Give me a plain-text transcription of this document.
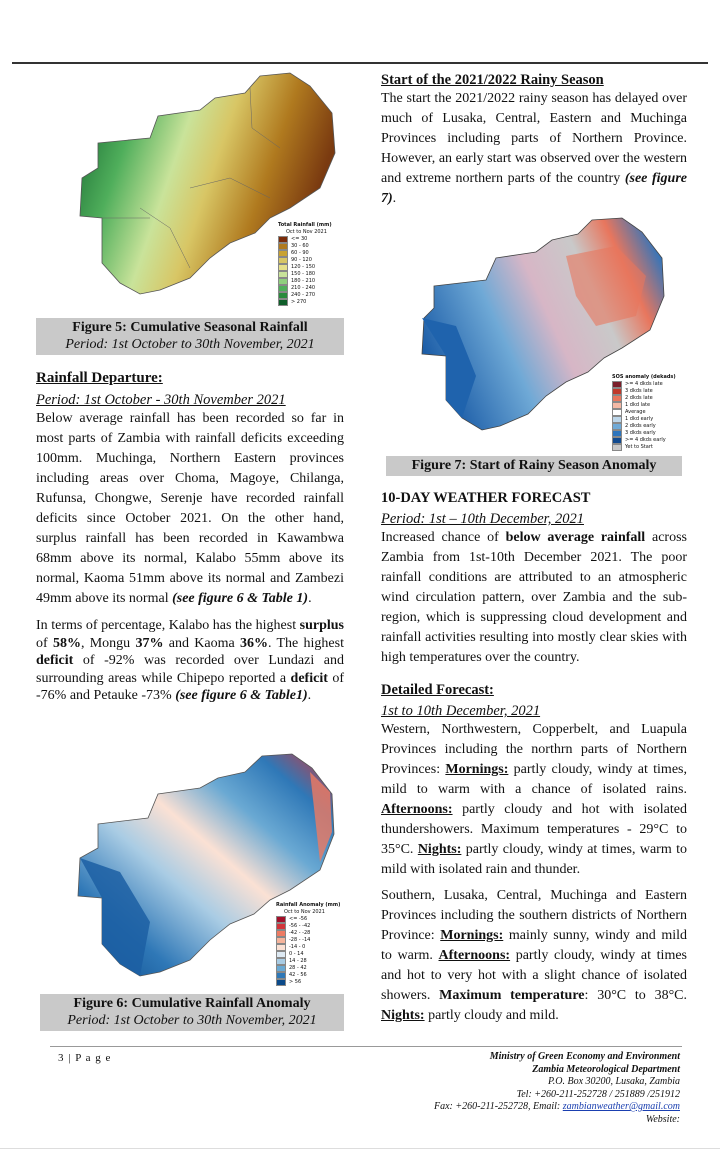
Total Rainfall (mm)
Oct to Nov 2021
<= 30
30 - 60
60 - 90
90 - 120
120 - 150
150 - 180
180 - 210
210 - 240
240 - 270
> 270
Figure 5: Cumulative Seasonal Rainfall
Period: 1st October to 30th November, 2021

Rainfall Departure:

Period: 1st October - 30th November 2021

Below average rainfall has been recorded so far in most parts of Zambia with rainfall deficits exceeding 100mm. Muchinga, Northern Eastern provinces including areas over Choma, Magoye, Chilanga, Rufunsa, Chongwe, Serenje have recorded rainfall deficits since October 2021. On the other hand, surplus rainfall has been recorded in Kawambwa 68mm above its normal, Kalabo 55mm above its normal, Kaoma 51mm above its normal and Zambezi 49mm above its normal (see figure 6 & Table 1).

In terms of percentage, Kalabo has the highest surplus of 58%, Mongu 37% and Kaoma 36%. The highest deficit of -92% was recorded over Lundazi and surrounding areas while Chipepo reported a deficit of -76% and Petauke -73% (see figure 6 & Table1).

Rainfall Anomaly (mm)
Oct to Nov 2021
<= -56
-56 - -42
-42 - -28
-28 - -14
-14 - 0
0 - 14
14 - 28
28 - 42
42 - 56
> 56
Figure 6: Cumulative Rainfall Anomaly
Period: 1st October to 30th November, 2021

Start of the 2021/2022 Rainy Season

The start the 2021/2022 rainy season has delayed over much of Lusaka, Central, Eastern and Muchinga Provinces including parts of Northern Province. However, an early start was observed over the western and extreme northern parts of the country (see figure 7).

SOS anomaly (dekads)
>= 4 dkds late
3 dkds late
2 dkds late
1 dkd late
Average
1 dkd early
2 dkds early
3 dkds early
>= 4 dkds early
Yet to Start
Figure 7: Start of Rainy Season Anomaly

10-DAY WEATHER FORECAST

Period: 1st – 10th December, 2021

Increased chance of below average rainfall across Zambia from 1st-10th December 2021. The poor rainfall conditions are attributed to an atmospheric wind circulation pattern, over Zambia and the sub-region, which is suppressing cloud development and rainfall activities resulting into mostly clear skies with high temperatures over the country.

Detailed Forecast:

1st to 10th December, 2021

Western, Northwestern, Copperbelt, and Luapula Provinces including the northrn parts of Northern Provinces: Mornings: partly cloudy, windy at times, mild to warm with a chance of isolated rains. Afternoons: partly cloudy and hot with isolated thundershowers. Maximum temperatures - 29°C to 35°C. Nights: partly cloudy, windy at times, warm to mild with isolated rain and thunder.

Southern, Lusaka, Central, Muchinga and Eastern Provinces including the southern districts of Northern Province: Mornings: mainly sunny, windy and mild to warm. Afternoons: partly cloudy, windy at times and hot to very hot with a slight chance of isolated showers. Maximum temperature: 30°C to 38°C. Nights: partly cloudy and mild.

3 | P a g e	Ministry of Green Economy and Environment
Zambia Meteorological Department
P.O. Box 30200, Lusaka, Zambia
Tel: +260-211-252728 / 251889 /251912
Fax: +260-211-252728, Email: zambianweather@gmail.com
Website:
